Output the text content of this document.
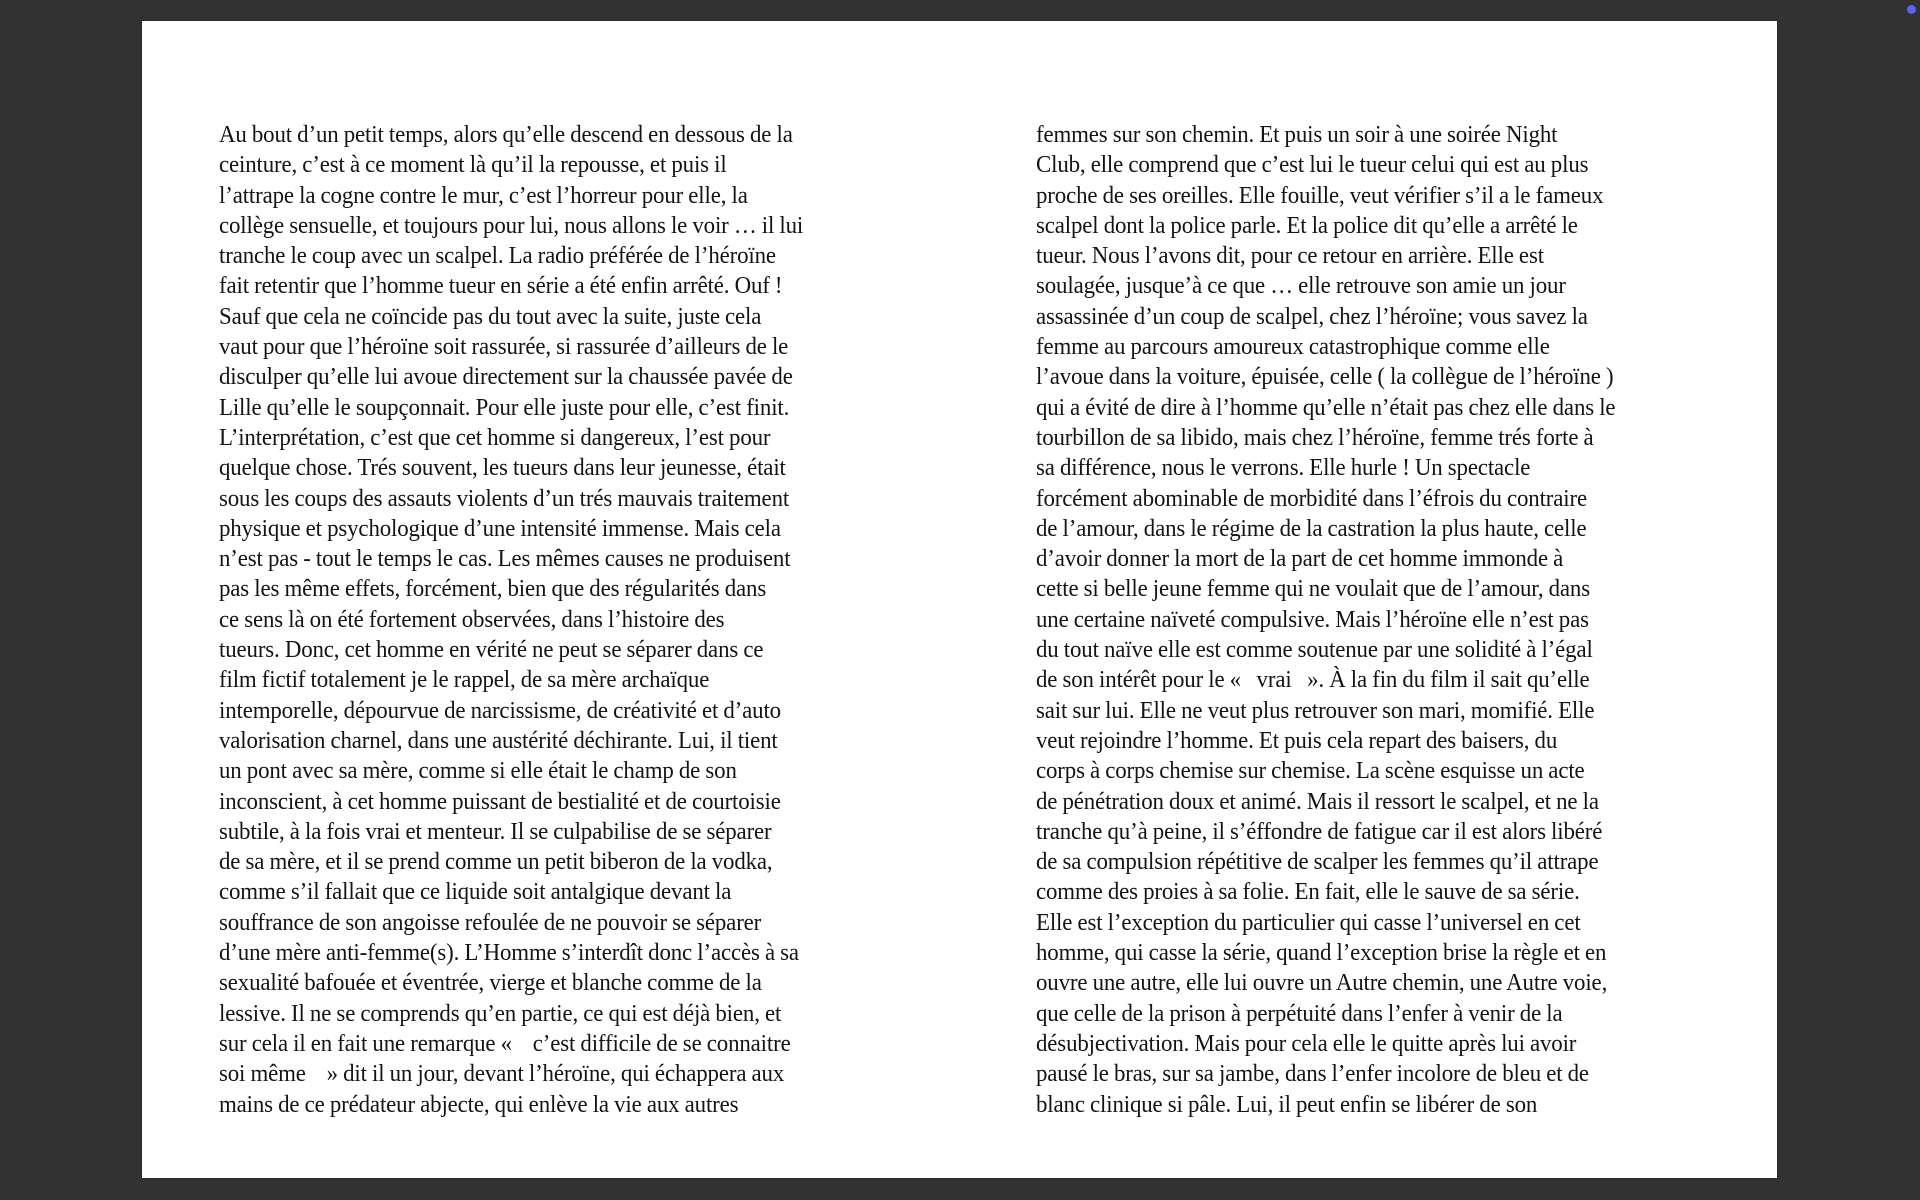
Au bout d’un petit temps, alors qu’elle descend en dessous de la
ceinture, c’est à ce moment là qu’il la repousse, et puis il
l’attrape la cogne contre le mur, c’est l’horreur pour elle, la
collège sensuelle, et toujours pour lui, nous allons le voir … il lui
tranche le coup avec un scalpel. La radio préférée de l’héroïne
fait retentir que l’homme tueur en série a été enfin arrêté. Ouf !
Sauf que cela ne coïncide pas du tout avec la suite, juste cela
vaut pour que l’héroïne soit rassurée, si rassurée d’ailleurs de le
disculper qu’elle lui avoue directement sur la chaussée pavée de
Lille qu’elle le soupçonnait. Pour elle juste pour elle, c’est finit.
L’interprétation, c’est que cet homme si dangereux, l’est pour
quelque chose. Trés souvent, les tueurs dans leur jeunesse, était
sous les coups des assauts violents d’un trés mauvais traitement
physique et psychologique d’une intensité immense. Mais cela
n’est pas - tout le temps le cas. Les mêmes causes ne produisent
pas les même effets, forcément, bien que des régularités dans
ce sens là on été fortement observées, dans l’histoire des
tueurs. Donc, cet homme en vérité ne peut se séparer dans ce
film fictif totalement je le rappel, de sa mère archaïque
intemporelle, dépourvue de narcissisme, de créativité et d’auto
valorisation charnel, dans une austérité déchirante. Lui, il tient
un pont avec sa mère, comme si elle était le champ de son
inconscient, à cet homme puissant de bestialité et de courtoisie
subtile, à la fois vrai et menteur. Il se culpabilise de se séparer
de sa mère, et il se prend comme un petit biberon de la vodka,
comme s’il fallait que ce liquide soit antalgique devant la
souffrance de son angoisse refoulée de ne pouvoir se séparer
d’une mère anti-femme(s). L’Homme s’interdît donc l’accès à sa
sexualité bafouée et éventrée, vierge et blanche comme de la
lessive. Il ne se comprends qu’en partie, ce qui est déjà bien, et
sur cela il en fait une remarque «    c’est difficile de se connaitre
soi même    » dit il un jour, devant l’héroïne, qui échappera aux
mains de ce prédateur abjecte, qui enlève la vie aux autres
femmes sur son chemin. Et puis un soir à une soirée Night
Club, elle comprend que c’est lui le tueur celui qui est au plus
proche de ses oreilles. Elle fouille, veut vérifier s’il a le fameux
scalpel dont la police parle. Et la police dit qu’elle a arrêté le
tueur. Nous l’avons dit, pour ce retour en arrière. Elle est
soulagée, jusque’à ce que … elle retrouve son amie un jour
assassinée d’un coup de scalpel, chez l’héroïne; vous savez la
femme au parcours amoureux catastrophique comme elle
l’avoue dans la voiture, épuisée, celle ( la collègue de l’héroïne )
qui a évité de dire à l’homme qu’elle n’était pas chez elle dans le
tourbillon de sa libido, mais chez l’héroïne, femme trés forte à
sa différence, nous le verrons. Elle hurle ! Un spectacle
forcément abominable de morbidité dans l’éfrois du contraire
de l’amour, dans le régime de la castration la plus haute, celle
d’avoir donner la mort de la part de cet homme immonde à
cette si belle jeune femme qui ne voulait que de l’amour, dans
une certaine naïveté compulsive. Mais l’héroïne elle n’est pas
du tout naïve elle est comme soutenue par une solidité à l’égal
de son intérêt pour le «   vrai   ». À la fin du film il sait qu’elle
sait sur lui. Elle ne veut plus retrouver son mari, momifié. Elle
veut rejoindre l’homme. Et puis cela repart des baisers, du
corps à corps chemise sur chemise. La scène esquisse un acte
de pénétration doux et animé. Mais il ressort le scalpel, et ne la
tranche qu’à peine, il s’éffondre de fatigue car il est alors libéré
de sa compulsion répétitive de scalper les femmes qu’il attrape
comme des proies à sa folie. En fait, elle le sauve de sa série.
Elle est l’exception du particulier qui casse l’universel en cet
homme, qui casse la série, quand l’exception brise la règle et en
ouvre une autre, elle lui ouvre un Autre chemin, une Autre voie,
que celle de la prison à perpétuité dans l’enfer à venir de la
désubjectivation. Mais pour cela elle le quitte après lui avoir
pausé le bras, sur sa jambe, dans l’enfer incolore de bleu et de
blanc clinique si pâle. Lui, il peut enfin se libérer de son
